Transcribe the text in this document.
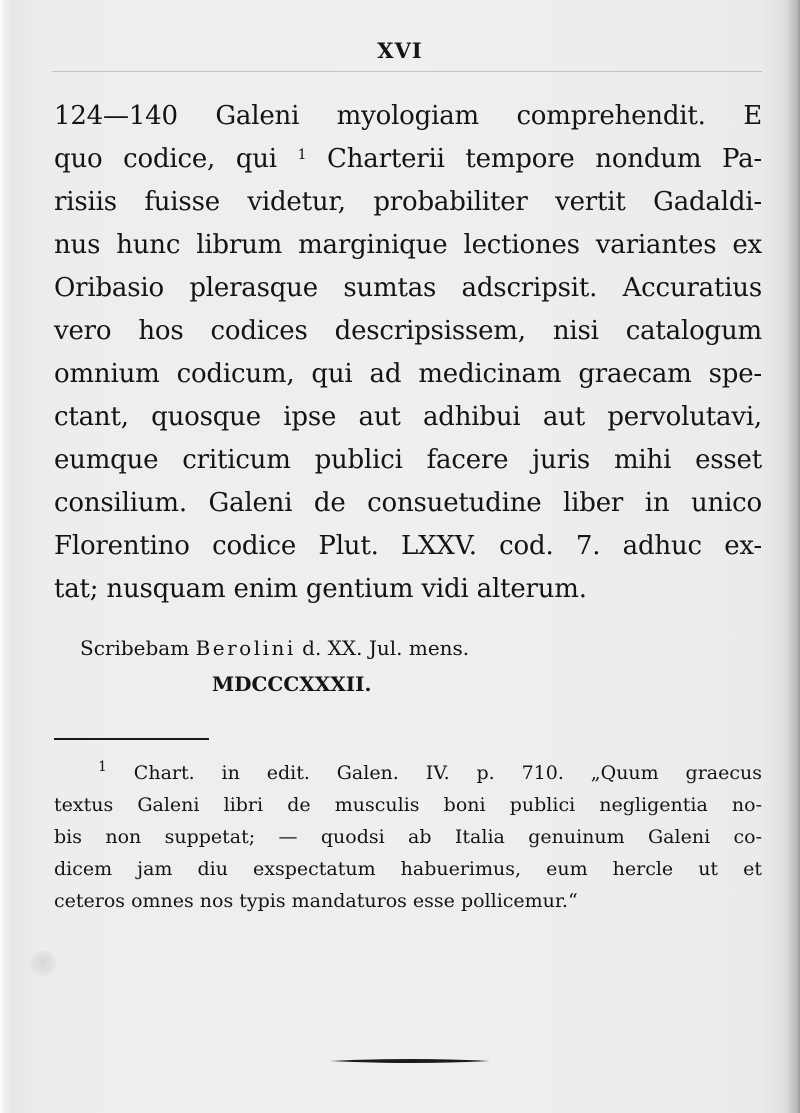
XVI
124—140 Galeni myologiam comprehendit. E
quo codice, qui $^1$ Charterii tempore nondum Pa-
risiis fuisse videtur, probabiliter vertit Gadaldi-
nus hunc librum marginique lectiones variantes ex
Oribasio plerasque sumtas adscripsit. Accuratius
vero hos codices descripsissem, nisi catalogum
omnium codicum, qui ad medicinam graecam spe-
ctant, quosque ipse aut adhibui aut pervolutavi,
eumque criticum publici facere juris mihi esset
consilium. Galeni de consuetudine liber in unico
Florentino codice Plut. LXXV. cod. 7. adhuc ex-
tat; nusquam enim gentium vidi alterum.
Scribebam Berolini d. XX. Jul. mens.
MDCCCXXXII.
$^1$ Chart. in edit. Galen. IV. p. 710. „Quum graecus
textus Galeni libri de musculis boni publici negligentia no-
bis non suppetat; — quodsi ab Italia genuinum Galeni co-
dicem jam diu exspectatum habuerimus, eum hercle ut et
ceteros omnes nos typis mandaturos esse pollicemur.“
